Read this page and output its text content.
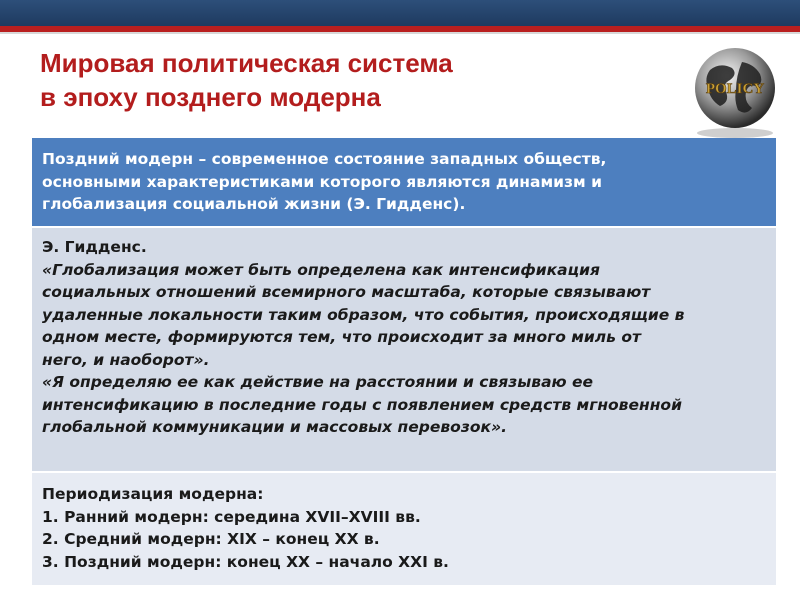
Мировая политическая система
в эпоху позднего модерна	POLICY
Поздний модерн – современное состояние западных обществ,
основными характеристиками которого являются динамизм и
глобализация социальной жизни (Э. Гидденс).
Э. Гидденс.
«Глобализация может быть определена как интенсификация
социальных отношений всемирного масштаба, которые связывают
удаленные локальности таким образом, что события, происходящие в
одном месте, формируются тем, что происходит за много миль от
него, и наоборот».
«Я определяю ее как действие на расстоянии и связываю ее
интенсификацию в последние годы с появлением средств мгновенной
глобальной коммуникации и массовых перевозок».
Периодизация модерна:
1. Ранний модерн: середина XVII–XVIII вв.
2. Средний модерн: XIX – конец XX в.
3. Поздний модерн: конец XX – начало XXI в.
